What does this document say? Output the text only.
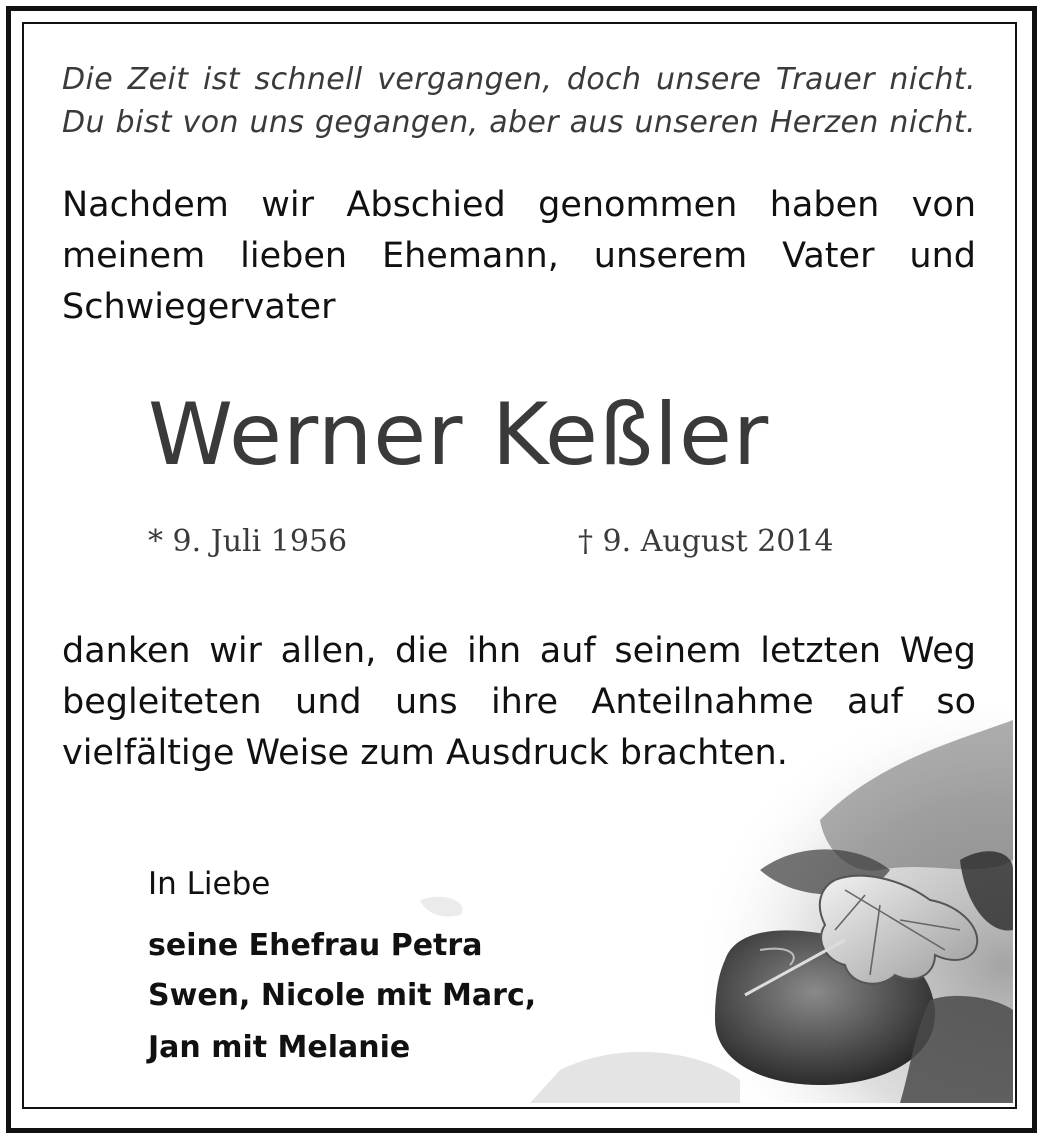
Die Zeit ist schnell vergangen, doch unsere Trauer nicht.
Du bist von uns gegangen, aber aus unseren Herzen nicht.
Nachdem wir Abschied genommen haben von
meinem lieben Ehemann, unserem Vater und
Schwiegervater
Werner Keßler
* 9. Juli 1956	† 9. August 2014
danken wir allen, die ihn auf seinem letzten Weg
begleiteten und uns ihre Anteilnahme auf so
vielfältige Weise zum Ausdruck brachten.
In Liebe
seine Ehefrau Petra
Swen, Nicole mit Marc,
Jan mit Melanie
